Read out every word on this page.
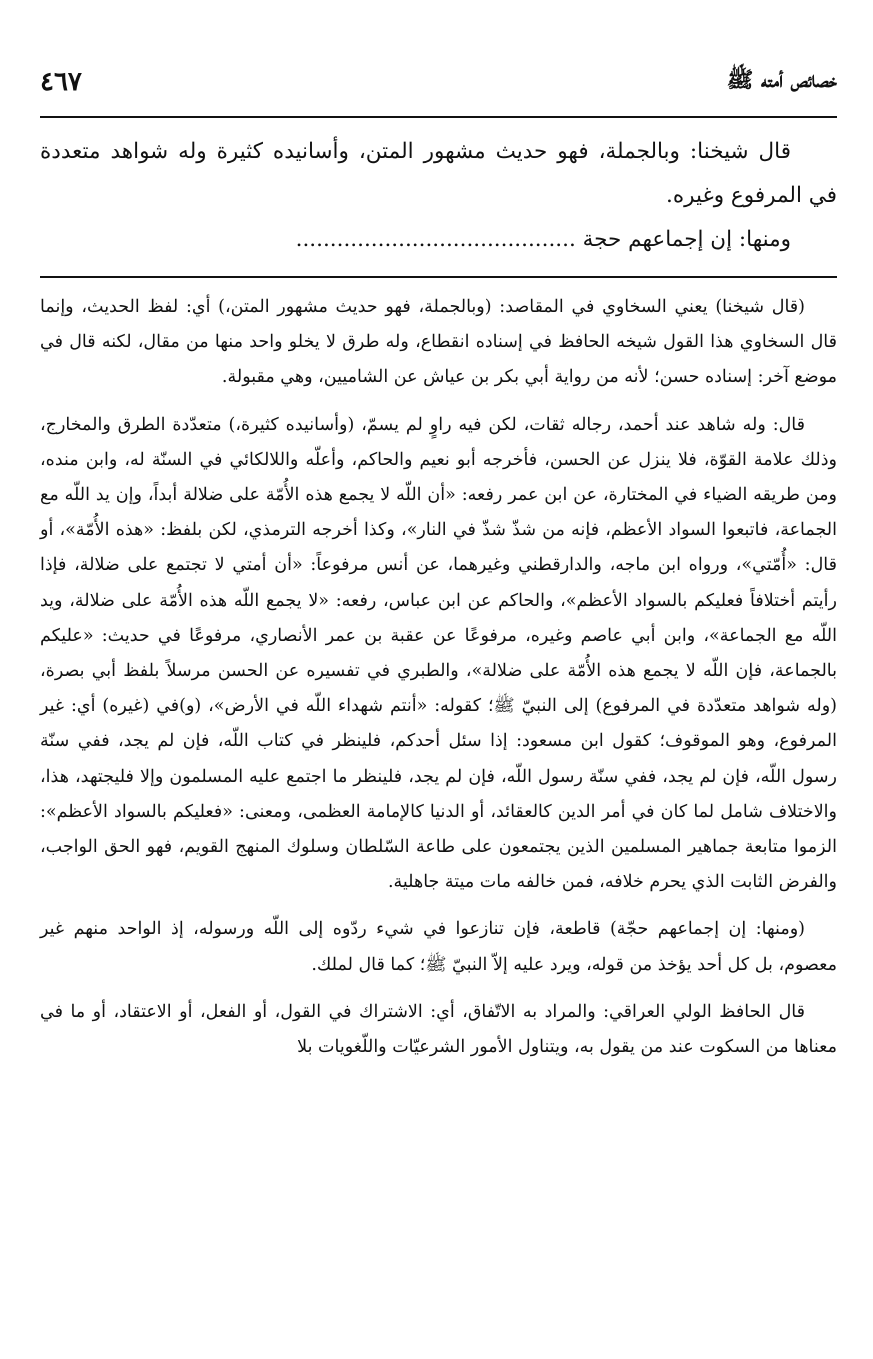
خصائص أمته ﷺ
٤٦٧

قال شيخنا: وبالجملة، فهو حديث مشهور المتن، وأسانيده كثيرة وله شواهد متعددة في المرفوع وغيره.

ومنها: إن إجماعهم حجة .........................................

(قال شيخنا) يعني السخاوي في المقاصد: (وبالجملة، فهو حديث مشهور المتن،) أي: لفظ الحديث، وإنما قال السخاوي هذا القول شيخه الحافظ في إسناده انقطاع، وله طرق لا يخلو واحد منها من مقال، لكنه قال في موضع آخر: إسناده حسن؛ لأنه من رواية أبي بكر بن عياش عن الشاميين، وهي مقبولة.

قال: وله شاهد عند أحمد، رجاله ثقات، لكن فيه راوٍ لم يسمّ، (وأسانيده كثيرة،) متعدّدة الطرق والمخارج، وذلك علامة القوّة، فلا ينزل عن الحسن، فأخرجه أبو نعيم والحاكم، وأعلّه واللالكائي في السنّة له، وابن منده، ومن طريقه الضياء في المختارة، عن ابن عمر رفعه: «أن اللّه لا يجمع هذه الأُمّة على ضلالة أبداً، وإن يد اللّه مع الجماعة، فاتبعوا السواد الأعظم، فإنه من شذّ شذّ في النار»، وكذا أخرجه الترمذي، لكن بلفظ: «هذه الأُمّة»، أو قال: «أُمّتي»، ورواه ابن ماجه، والدارقطني وغيرهما، عن أنس مرفوعاً: «أن أمتي لا تجتمع على ضلالة، فإذا رأيتم أختلافاً فعليكم بالسواد الأعظم»، والحاكم عن ابن عباس، رفعه: «لا يجمع اللّه هذه الأُمّة على ضلالة، ويد اللّه مع الجماعة»، وابن أبي عاصم وغيره، مرفوعًا عن عقبة بن عمر الأنصاري، مرفوعًا في حديث: «عليكم بالجماعة، فإن اللّه لا يجمع هذه الأُمّة على ضلالة»، والطبري في تفسيره عن الحسن مرسلاً بلفظ أبي بصرة، (وله شواهد متعدّدة في المرفوع) إلى النبيّ ﷺ؛ كقوله: «أنتم شهداء اللّه في الأرض»، (و)في (غيره) أي: غير المرفوع، وهو الموقوف؛ كقول ابن مسعود: إذا سئل أحدكم، فلينظر في كتاب اللّه، فإن لم يجد، ففي سنّة رسول اللّه، فإن لم يجد، ففي سنّة رسول اللّه، فإن لم يجد، فلينظر ما اجتمع عليه المسلمون وإلا فليجتهد، هذا، والاختلاف شامل لما كان في أمر الدين كالعقائد، أو الدنيا كالإمامة العظمى، ومعنى: «فعليكم بالسواد الأعظم»: الزموا متابعة جماهير المسلمين الذين يجتمعون على طاعة السّلطان وسلوك المنهج القويم، فهو الحق الواجب، والفرض الثابت الذي يحرم خلافه، فمن خالفه مات ميتة جاهلية.

(ومنها: إن إجماعهم حجّة) قاطعة، فإن تنازعوا في شيء ردّوه إلى اللّه ورسوله، إذ الواحد منهم غير معصوم، بل كل أحد يؤخذ من قوله، ويرد عليه إلاّ النبيّ ﷺ؛ كما قال لملك.

قال الحافظ الولي العراقي: والمراد به الاتّفاق، أي: الاشتراك في القول، أو الفعل، أو الاعتقاد، أو ما في معناها من السكوت عند من يقول به، ويتناول الأمور الشرعيّات واللّغويات بلا
